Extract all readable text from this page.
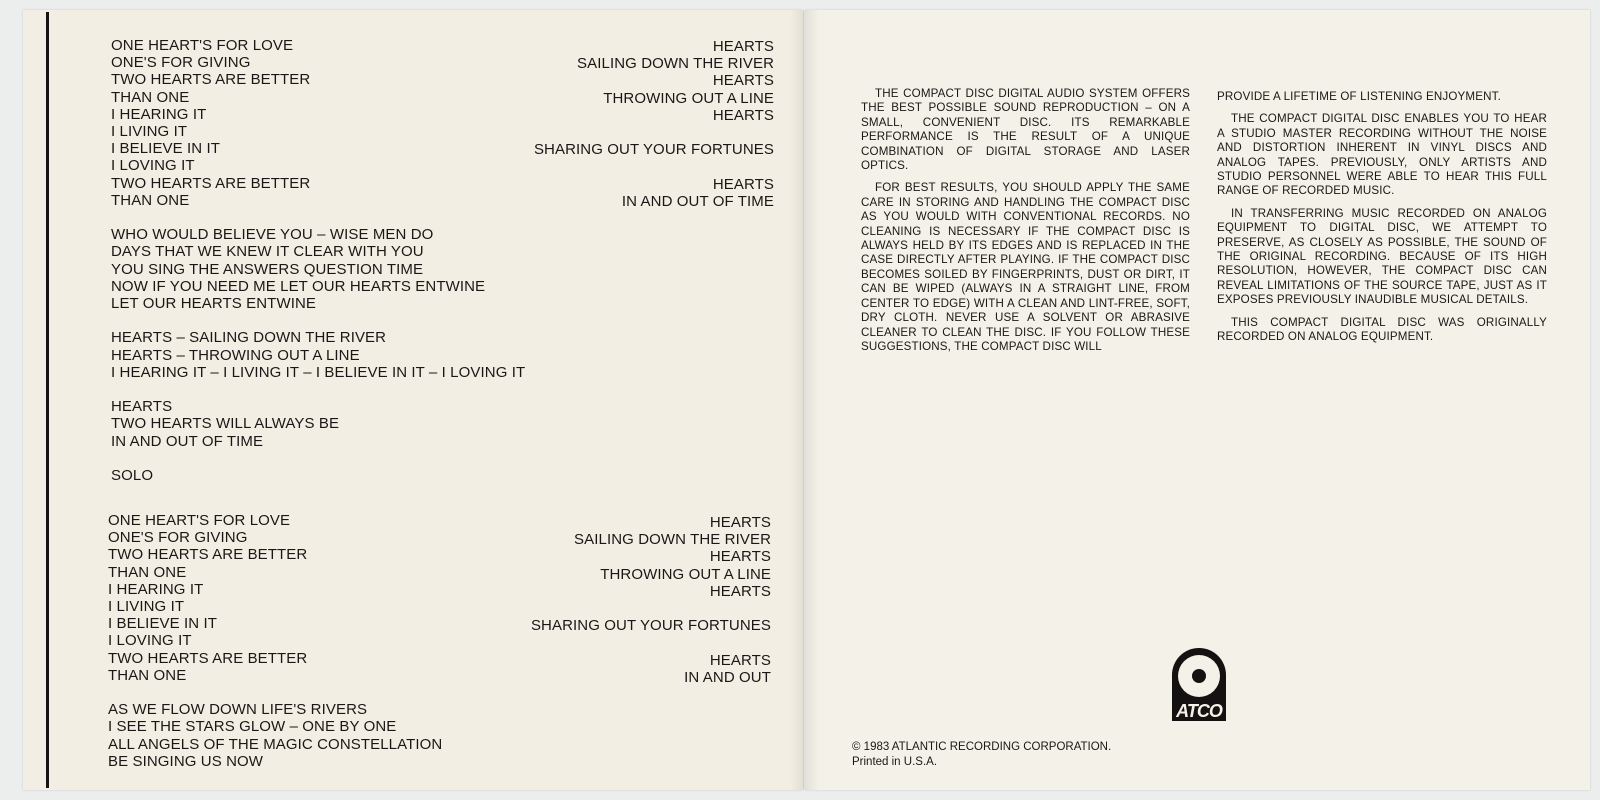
ONE HEART'S FOR LOVE
ONE'S FOR GIVING
TWO HEARTS ARE BETTER
THAN ONE
I HEARING IT
I LIVING IT
I BELIEVE IN IT
I LOVING IT
TWO HEARTS ARE BETTER
THAN ONE
WHO WOULD BELIEVE YOU – WISE MEN DO
DAYS THAT WE KNEW IT CLEAR WITH YOU
YOU SING THE ANSWERS QUESTION TIME
NOW IF YOU NEED ME LET OUR HEARTS ENTWINE
LET OUR HEARTS ENTWINE
HEARTS – SAILING DOWN THE RIVER
HEARTS – THROWING OUT A LINE
I HEARING IT – I LIVING IT – I BELIEVE IN IT – I LOVING IT
HEARTS
TWO HEARTS WILL ALWAYS BE
IN AND OUT OF TIME
SOLO
HEARTS
SAILING DOWN THE RIVER
HEARTS
THROWING OUT A LINE
HEARTS
SHARING OUT YOUR FORTUNES
HEARTS
IN AND OUT OF TIME
ONE HEART'S FOR LOVE
ONE'S FOR GIVING
TWO HEARTS ARE BETTER
THAN ONE
I HEARING IT
I LIVING IT
I BELIEVE IN IT
I LOVING IT
TWO HEARTS ARE BETTER
THAN ONE
AS WE FLOW DOWN LIFE'S RIVERS
I SEE THE STARS GLOW – ONE BY ONE
ALL ANGELS OF THE MAGIC CONSTELLATION
BE SINGING US NOW
HEARTS
SAILING DOWN THE RIVER
HEARTS
THROWING OUT A LINE
HEARTS
SHARING OUT YOUR FORTUNES
HEARTS
IN AND OUT

THE COMPACT DISC DIGITAL AUDIO SYSTEM OFFERS THE BEST POSSIBLE SOUND REPRODUCTION – ON A SMALL, CONVENIENT DISC. ITS REMARKABLE PERFORMANCE IS THE RESULT OF A UNIQUE COMBINATION OF DIGITAL STORAGE AND LASER OPTICS.

FOR BEST RESULTS, YOU SHOULD APPLY THE SAME CARE IN STORING AND HANDLING THE COMPACT DISC AS YOU WOULD WITH CONVENTIONAL RECORDS. NO CLEANING IS NECESSARY IF THE COMPACT DISC IS ALWAYS HELD BY ITS EDGES AND IS REPLACED IN THE CASE DIRECTLY AFTER PLAYING. IF THE COMPACT DISC BECOMES SOILED BY FINGERPRINTS, DUST OR DIRT, IT CAN BE WIPED (ALWAYS IN A STRAIGHT LINE, FROM CENTER TO EDGE) WITH A CLEAN AND LINT-FREE, SOFT, DRY CLOTH. NEVER USE A SOLVENT OR ABRASIVE CLEANER TO CLEAN THE DISC. IF YOU FOLLOW THESE SUGGESTIONS, THE COMPACT DISC WILL

PROVIDE A LIFETIME OF LISTENING ENJOYMENT.

THE COMPACT DIGITAL DISC ENABLES YOU TO HEAR A STUDIO MASTER RECORDING WITHOUT THE NOISE AND DISTORTION INHERENT IN VINYL DISCS AND ANALOG TAPES. PREVIOUSLY, ONLY ARTISTS AND STUDIO PERSONNEL WERE ABLE TO HEAR THIS FULL RANGE OF RECORDED MUSIC.

IN TRANSFERRING MUSIC RECORDED ON ANALOG EQUIPMENT TO DIGITAL DISC, WE ATTEMPT TO PRESERVE, AS CLOSELY AS POSSIBLE, THE SOUND OF THE ORIGINAL RECORDING. BECAUSE OF ITS HIGH RESOLUTION, HOWEVER, THE COMPACT DISC CAN REVEAL LIMITATIONS OF THE SOURCE TAPE, JUST AS IT EXPOSES PREVIOUSLY INAUDIBLE MUSICAL DETAILS.

THIS COMPACT DIGITAL DISC WAS ORIGINALLY RECORDED ON ANALOG EQUIPMENT.

ATCO
© 1983 ATLANTIC RECORDING CORPORATION.
Printed in U.S.A.
